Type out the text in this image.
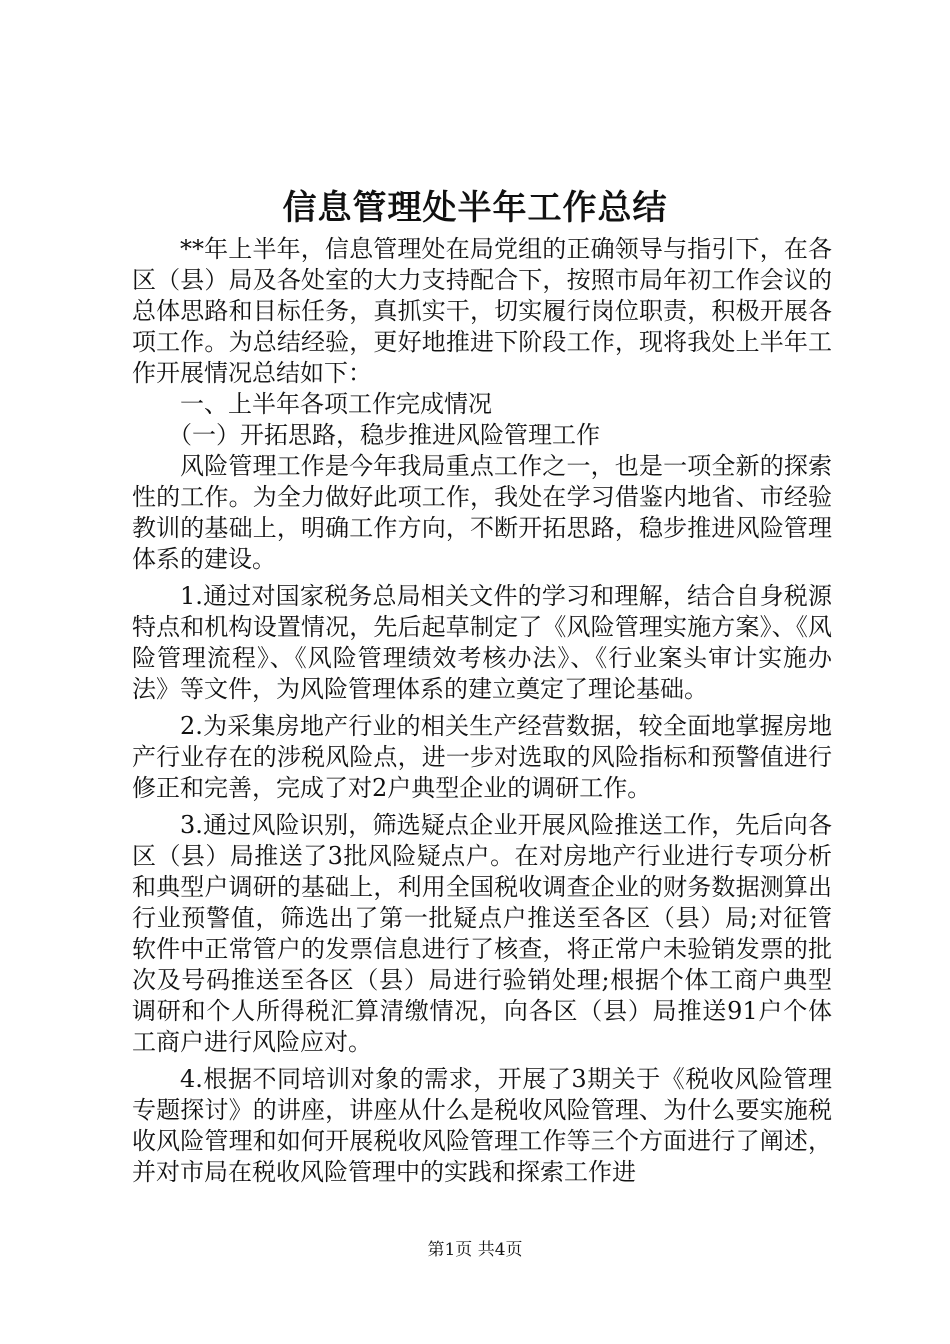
信息管理处半年工作总结

**年上半年，信息管理处在局党组的正确领导与指引下，在各区（县）局及各处室的大力支持配合下，按照市局年初工作会议的总体思路和目标任务，真抓实干，切实履行岗位职责，积极开展各项工作。为总结经验，更好地推进下阶段工作，现将我处上半年工作开展情况总结如下：

一、上半年各项工作完成情况

（一）开拓思路，稳步推进风险管理工作

风险管理工作是今年我局重点工作之一，也是一项全新的探索性的工作。为全力做好此项工作，我处在学习借鉴内地省、市经验教训的基础上，明确工作方向，不断开拓思路，稳步推进风险管理体系的建设。

1.通过对国家税务总局相关文件的学习和理解，结合自身税源特点和机构设置情况，先后起草制定了《风险管理实施方案》、《风险管理流程》、《风险管理绩效考核办法》、《行业案头审计实施办法》等文件，为风险管理体系的建立奠定了理论基础。

2.为采集房地产行业的相关生产经营数据，较全面地掌握房地产行业存在的涉税风险点，进一步对选取的风险指标和预警值进行修正和完善，完成了对2户典型企业的调研工作。

3.通过风险识别，筛选疑点企业开展风险推送工作，先后向各区（县）局推送了3批风险疑点户。在对房地产行业进行专项分析和典型户调研的基础上，利用全国税收调查企业的财务数据测算出行业预警值，筛选出了第一批疑点户推送至各区（县）局;对征管软件中正常管户的发票信息进行了核查，将正常户未验销发票的批次及号码推送至各区（县）局进行验销处理;根据个体工商户典型调研和个人所得税汇算清缴情况，向各区（县）局推送91户个体工商户进行风险应对。

4.根据不同培训对象的需求，开展了3期关于《税收风险管理专题探讨》的讲座，讲座从什么是税收风险管理、为什么要实施税收风险管理和如何开展税收风险管理工作等三个方面进行了阐述，并对市局在税收风险管理中的实践和探索工作进

第1页 共4页
